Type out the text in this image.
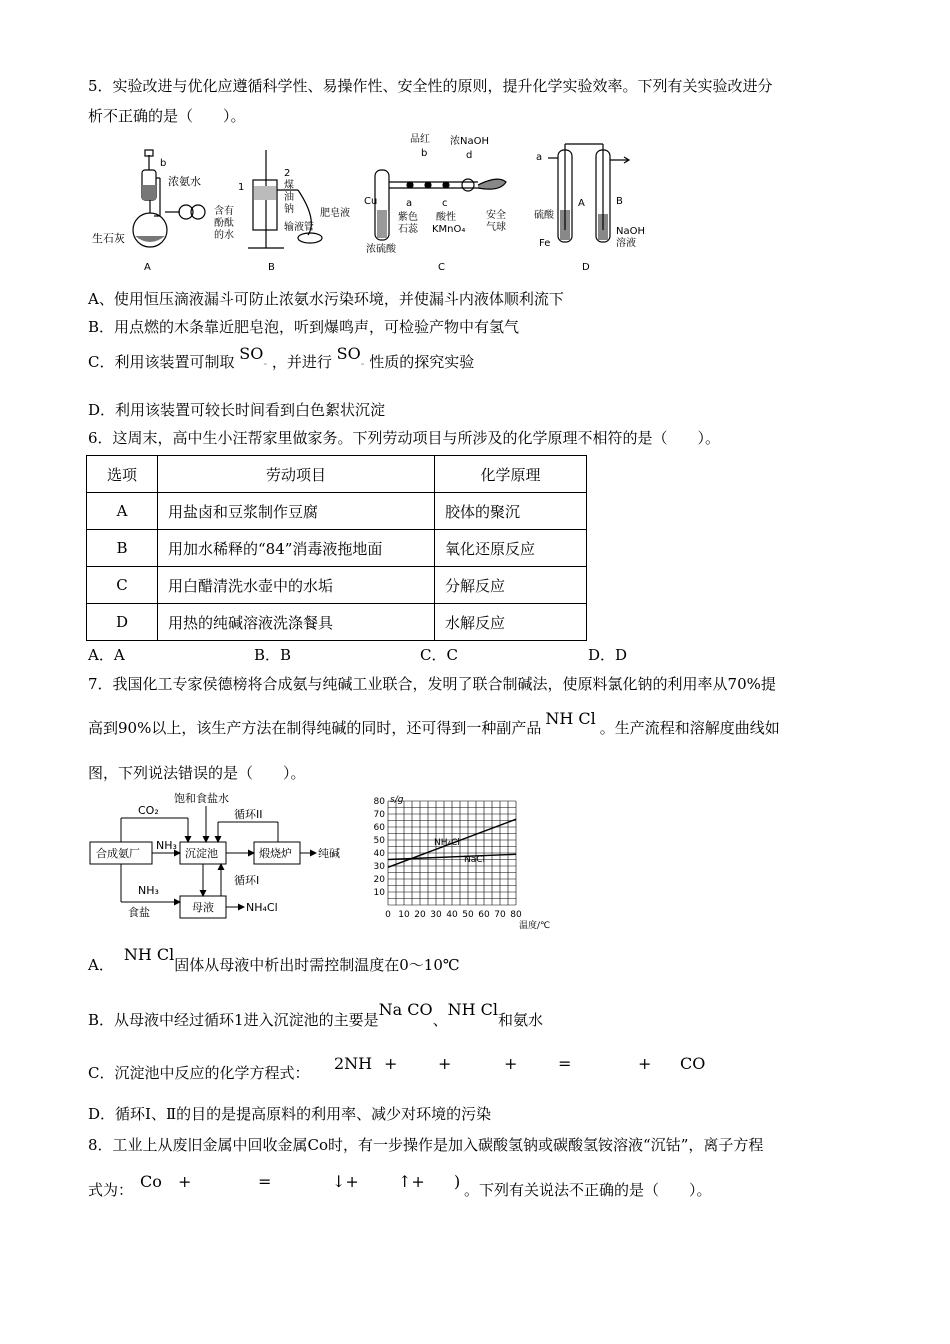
5．实验改进与优化应遵循科学性、易操作性、安全性的原则，提升化学实验效率。下列有关实验改进分
析不正确的是（　　）。
b
浓氨水
生石灰
A
1
2
煤
油
钠
含有
酚酞
的水
输液管
肥皂液
B
品红 浓NaOH
b	d
Cu	a	c
紫色
石蕊
酸性
KMnO₄
安全
气球
浓硫酸
C
a
硫酸
A	B
Fe
NaOH
溶液
D
A、使用恒压滴液漏斗可防止浓氨水污染环境，并使漏斗内液体顺利流下
B．用点燃的木条靠近肥皂泡，听到爆鸣声，可检验产物中有氢气
C．利用该装置可制取 SO- ，并进行 SO- 性质的探究实验
D．利用该装置可较长时间看到白色絮状沉淀
6．这周末，高中生小汪帮家里做家务。下列劳动项目与所涉及的化学原理不相符的是（　　）。
选项	劳动项目	化学原理
A	用盐卤和豆浆制作豆腐	胶体的聚沉
B	用加水稀释的“84”消毒液拖地面	氧化还原反应
C	用白醋清洗水壶中的水垢	分解反应
D	用热的纯碱溶液洗涤餐具	水解反应
A．A	B．B	C．C	D．D
7．我国化工专家侯德榜将合成氨与纯碱工业联合，发明了联合制碱法，使原料氯化钠的利用率从70%提
高到90%以上，该生产方法在制得纯碱的同时，还可得到一种副产品 NH Cl 。生产流程和溶解度曲线如
图，下列说法错误的是（　　）。
CO₂
饱和食盐水
循环II
合成氨厂
NH₃
沉淀池	煅烧炉 纯碱
循环I
NH₃
食盐	母液	NH₄Cl
80
70
60
50
40
30
20
10
0 10 20 30 40 50 60 70 80
s/g
温度/℃
NH₄Cl
NaCl
A．NH Cl固体从母液中析出时需控制温度在0～10℃
B．从母液中经过循环1进入沉淀池的主要是Na CO、NH Cl和氨水
C．沉淀池中反应的化学方程式： 2NH +	+	+	=	+ CO
D．循环Ⅰ、Ⅱ的目的是提高原料的利用率、减少对环境的污染
8．工业上从废旧金属中回收金属Co时，有一步操作是加入碳酸氢钠或碳酸氢铵溶液“沉钴”，离子方程
式为： Co +	=	↓+ ↑+ ) 。下列有关说法不正确的是（　　）。
